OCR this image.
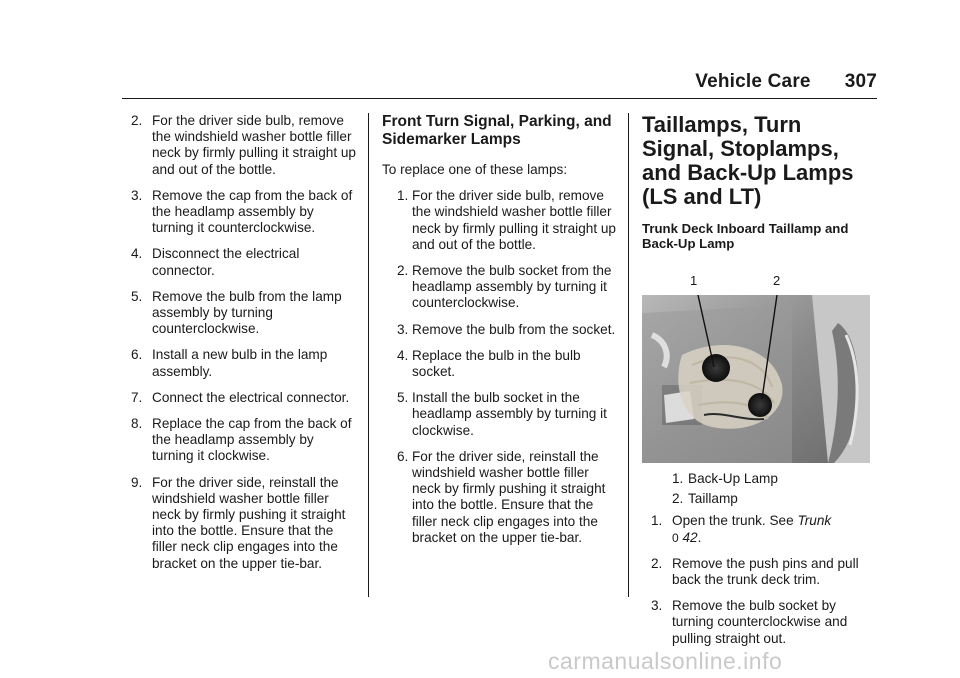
Vehicle Care 307
2. For the driver side bulb, remove the windshield washer bottle filler neck by firmly pulling it straight up and out of the bottle.
3. Remove the cap from the back of the headlamp assembly by turning it counterclockwise.
4. Disconnect the electrical connector.
5. Remove the bulb from the lamp assembly by turning counterclockwise.
6. Install a new bulb in the lamp assembly.
7. Connect the electrical connector.
8. Replace the cap from the back of the headlamp assembly by turning it clockwise.
9. For the driver side, reinstall the windshield washer bottle filler neck by firmly pushing it straight into the bottle. Ensure that the filler neck clip engages into the bracket on the upper tie-bar.
Front Turn Signal, Parking, and Sidemarker Lamps

To replace one of these lamps:

1. For the driver side bulb, remove the windshield washer bottle filler neck by firmly pulling it straight up and out of the bottle.
2. Remove the bulb socket from the headlamp assembly by turning it counterclockwise.
3. Remove the bulb from the socket.
4. Replace the bulb in the bulb socket.
5. Install the bulb socket in the headlamp assembly by turning it clockwise.
6. For the driver side, reinstall the windshield washer bottle filler neck by firmly pushing it straight into the bottle. Ensure that the filler neck clip engages into the bracket on the upper tie-bar.
Taillamps, Turn Signal, Stoplamps, and Back-Up Lamps (LS and LT)
Trunk Deck Inboard Taillamp and Back-Up Lamp
1	2
1. Back-Up Lamp
2. Taillamp
1. Open the trunk. See Trunk
0 42.
2. Remove the push pins and pull back the trunk deck trim.
3. Remove the bulb socket by turning counterclockwise and pulling straight out.
carmanualsonline.info
